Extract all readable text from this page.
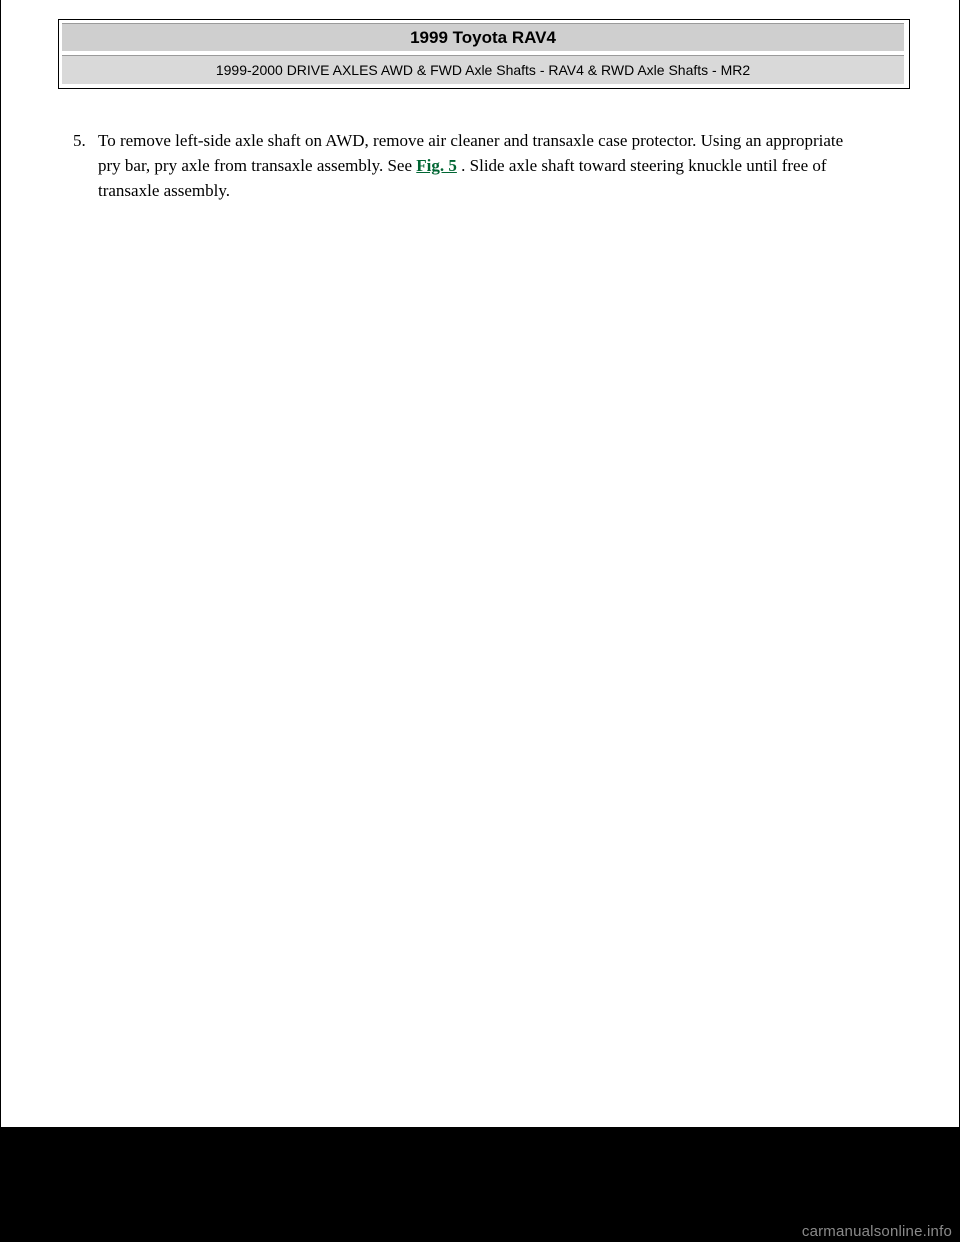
1999 Toyota RAV4
1999-2000 DRIVE AXLES AWD & FWD Axle Shafts - RAV4 & RWD Axle Shafts - MR2

5. To remove left-side axle shaft on AWD, remove air cleaner and transaxle case protector. Using an appropriate pry bar, pry axle from transaxle assembly. See Fig. 5 . Slide axle shaft toward steering knuckle until free of transaxle assembly.

carmanualsonline.info
